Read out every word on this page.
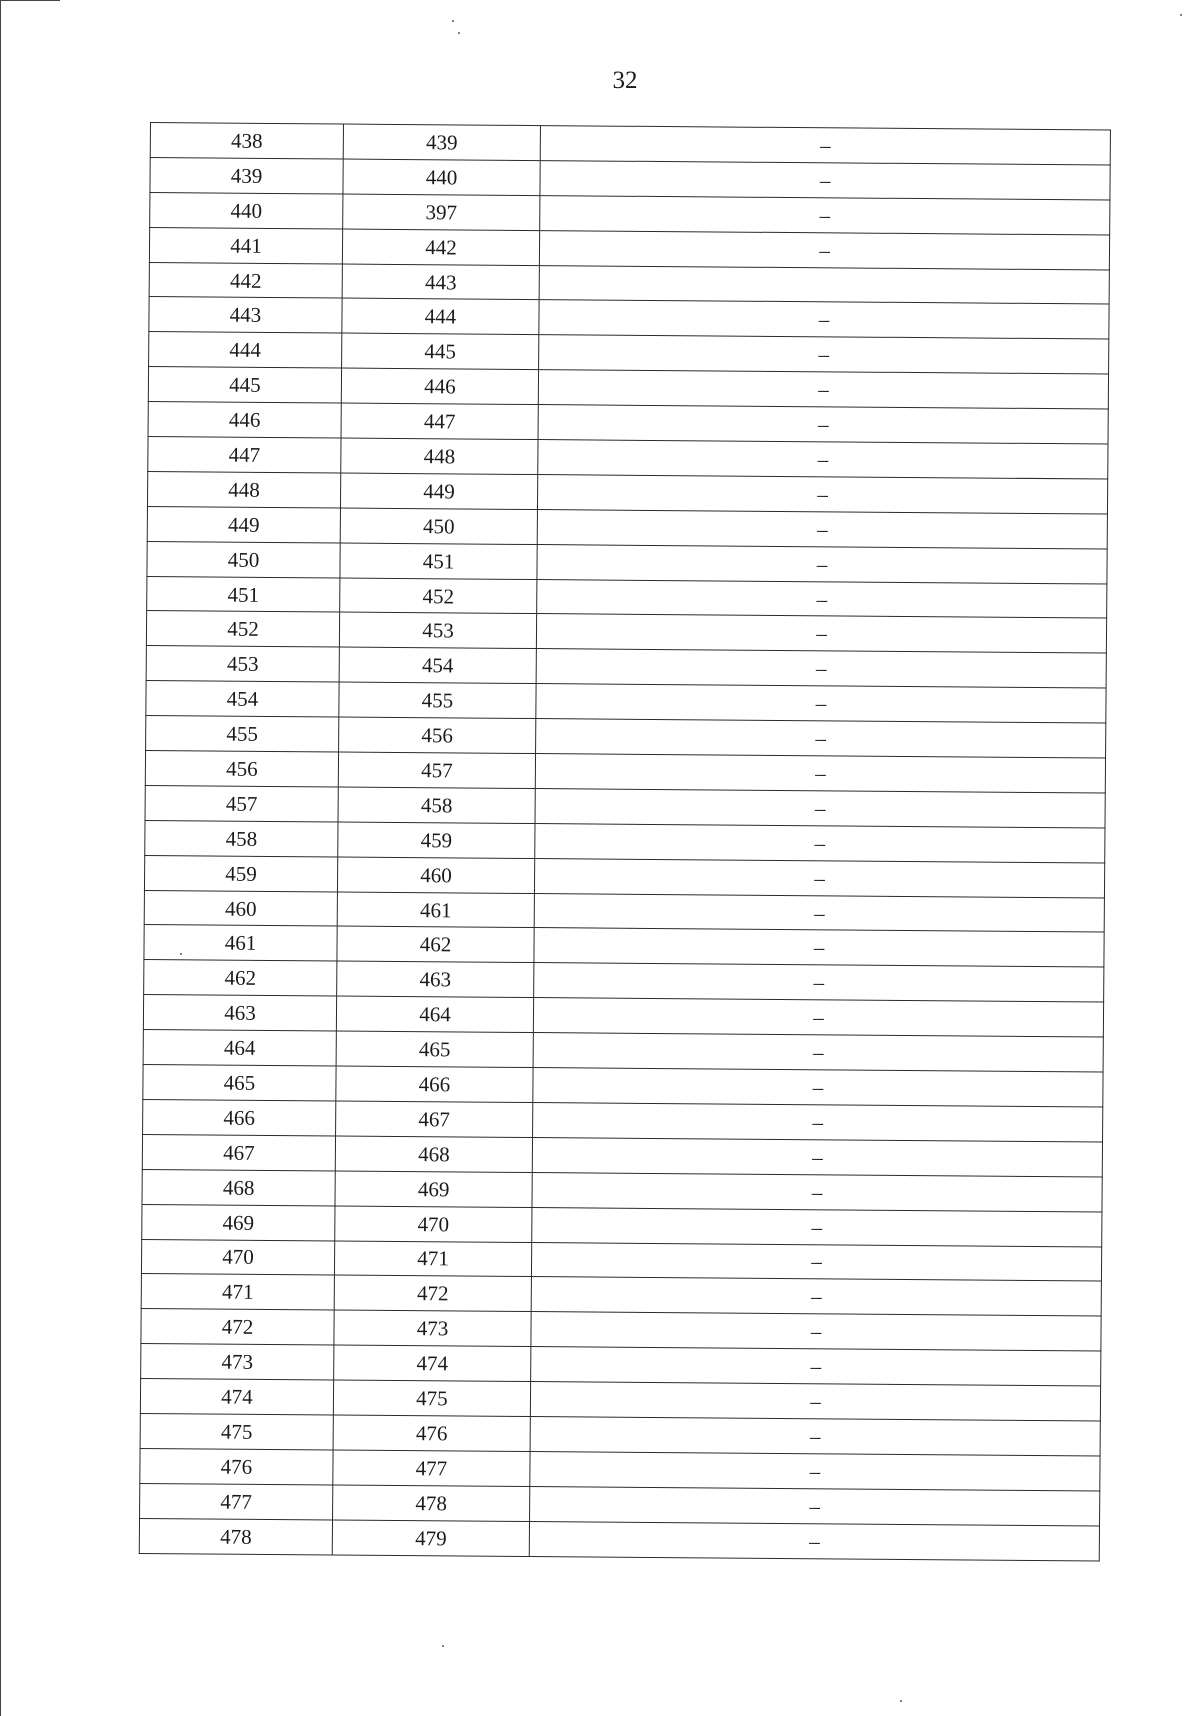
32
438	439	–
439	440	–
440	397	–
441	442	–
442	443	
443	444	–
444	445	–
445	446	–
446	447	–
447	448	–
448	449	–
449	450	–
450	451	–
451	452	–
452	453	–
453	454	–
454	455	–
455	456	–
456	457	–
457	458	–
458	459	–
459	460	–
460	461	–
461	462	–
462	463	–
463	464	–
464	465	–
465	466	–
466	467	–
467	468	–
468	469	–
469	470	–
470	471	–
471	472	–
472	473	–
473	474	–
474	475	–
475	476	–
476	477	–
477	478	–
478	479	–
